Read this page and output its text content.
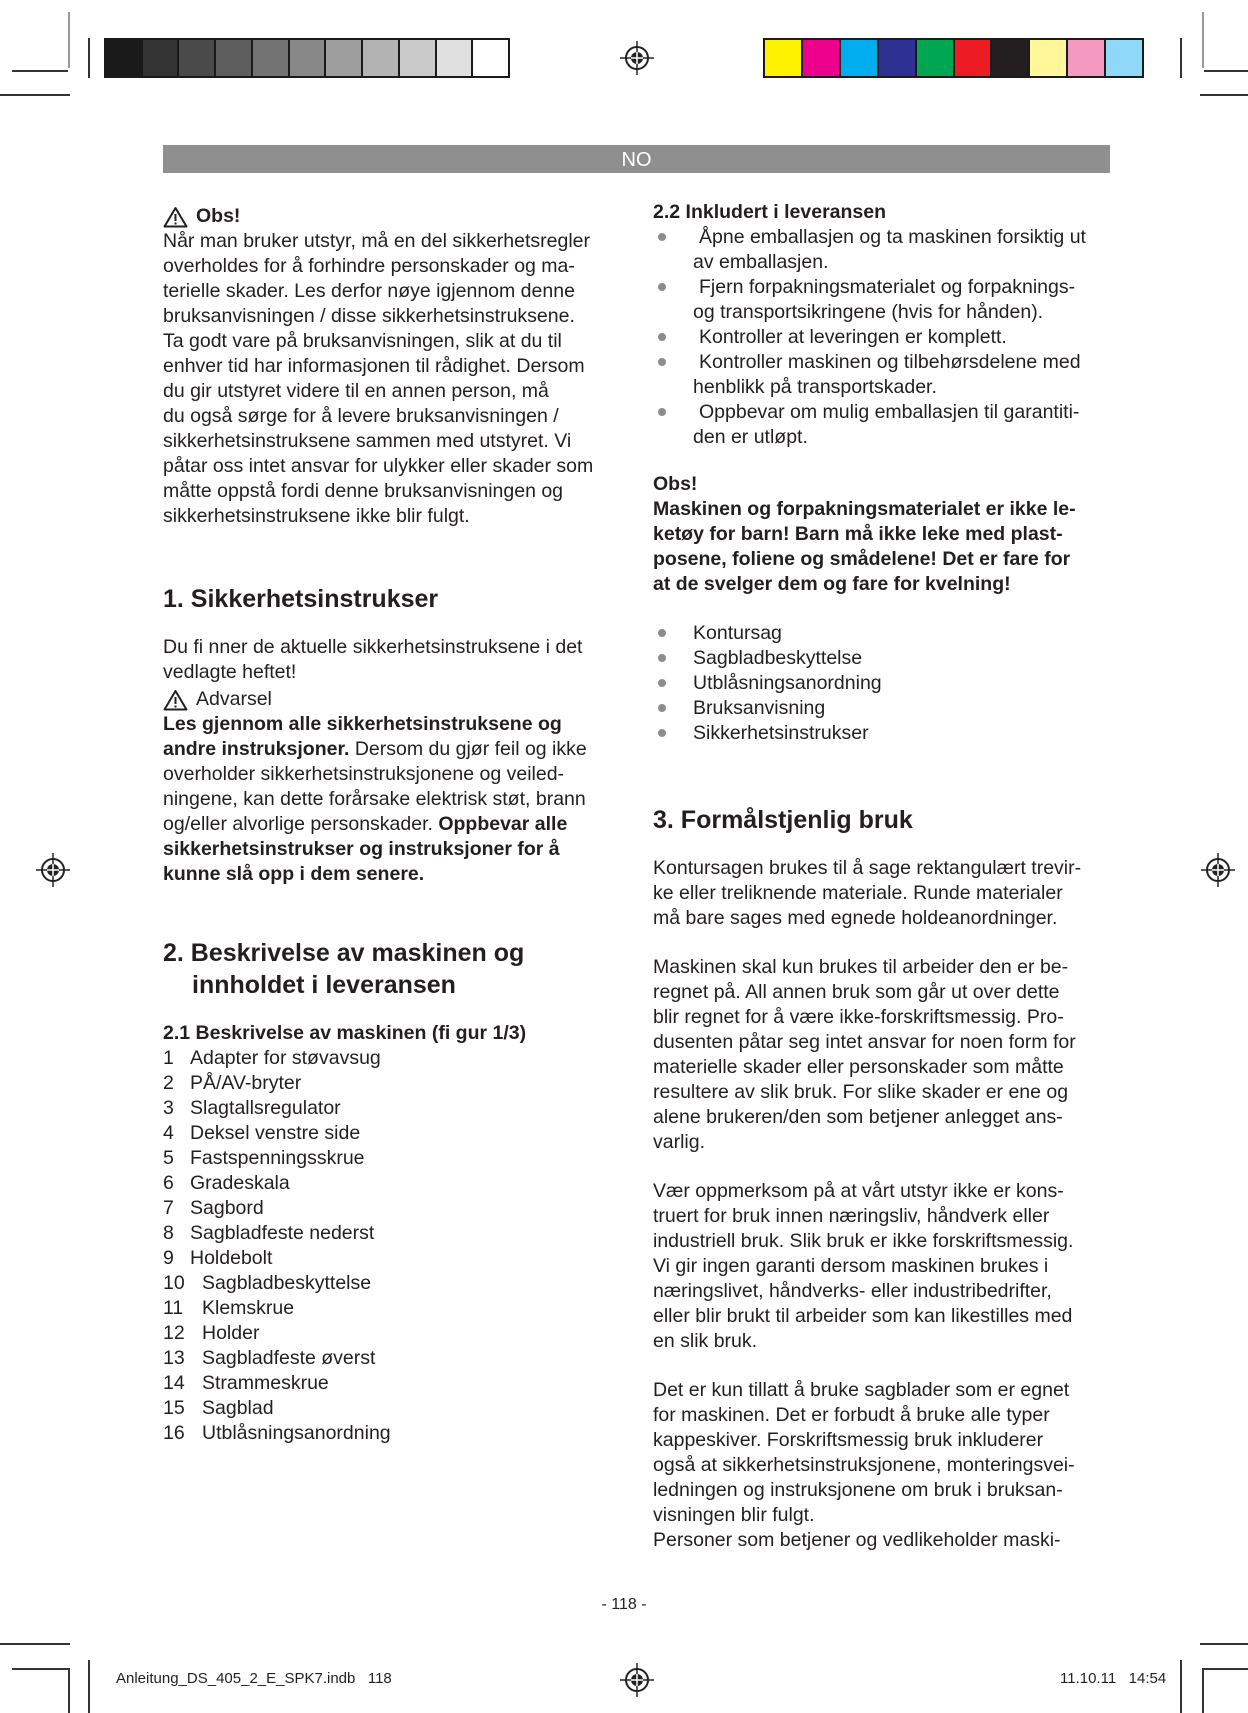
NO
Obs!

Når man bruker utstyr, må en del sikkerhetsregler

overholdes for å forhindre personskader og ma-

terielle skader. Les derfor nøye igjennom denne

bruksanvisningen / disse sikkerhetsinstruksene.

Ta godt vare på bruksanvisningen, slik at du til

enhver tid har informasjonen til rådighet. Dersom

du gir utstyret videre til en annen person, må

du også sørge for å levere bruksanvisningen /

sikkerhetsinstruksene sammen med utstyret. Vi

påtar oss intet ansvar for ulykker eller skader som

måtte oppstå fordi denne bruksanvisningen og

sikkerhetsinstruksene ikke blir fulgt.

1. Sikkerhetsinstrukser

Du fi nner de aktuelle sikkerhetsinstruksene i det

vedlagte heftet!

Advarsel

Les gjennom alle sikkerhetsinstruksene og

andre instruksjoner. Dersom du gjør feil og ikke

overholder sikkerhetsinstruksjonene og veiled-

ningene, kan dette forårsake elektrisk støt, brann

og/eller alvorlige personskader. Oppbevar alle

sikkerhetsinstrukser og instruksjoner for å

kunne slå opp i dem senere.

2. Beskrivelse av maskinen og

innholdet i leveransen

2.1 Beskrivelse av maskinen (fi gur 1/3)

1 Adapter for støvavsug
2 PÅ/AV-bryter
3 Slagtallsregulator
4 Deksel venstre side
5 Fastspenningsskrue
6 Gradeskala
7 Sagbord
8 Sagbladfeste nederst
9 Holdebolt
10 Sagbladbeskyttelse
11 Klemskrue
12 Holder
13 Sagbladfeste øverst
14 Strammeskrue
15 Sagblad
16 Utblåsningsanordning

2.2 Inkludert i leveransen

Åpne emballasjen og ta maskinen forsiktig ut

av emballasjen.

Fjern forpakningsmaterialet og forpaknings-

og transportsikringene (hvis for hånden).

Kontroller at leveringen er komplett.

Kontroller maskinen og tilbehørsdelene med

henblikk på transportskader.

Oppbevar om mulig emballasjen til garantiti-

den er utløpt.

Obs!

Maskinen og forpakningsmaterialet er ikke le-

ketøy for barn! Barn må ikke leke med plast-

posene, foliene og smådelene! Det er fare for

at de svelger dem og fare for kvelning!

Kontursag
Sagbladbeskyttelse
Utblåsningsanordning
Bruksanvisning
Sikkerhetsinstrukser

3. Formålstjenlig bruk

Kontursagen brukes til å sage rektangulært trevir-

ke eller treliknende materiale. Runde materialer

må bare sages med egnede holdeanordninger.

Maskinen skal kun brukes til arbeider den er be-

regnet på. All annen bruk som går ut over dette

blir regnet for å være ikke-forskriftsmessig. Pro-

dusenten påtar seg intet ansvar for noen form for

materielle skader eller personskader som måtte

resultere av slik bruk. For slike skader er ene og

alene brukeren/den som betjener anlegget ans-

varlig.

Vær oppmerksom på at vårt utstyr ikke er kons-

truert for bruk innen næringsliv, håndverk eller

industriell bruk. Slik bruk er ikke forskriftsmessig.

Vi gir ingen garanti dersom maskinen brukes i

næringslivet, håndverks- eller industribedrifter,

eller blir brukt til arbeider som kan likestilles med

en slik bruk.

Det er kun tillatt å bruke sagblader som er egnet

for maskinen. Det er forbudt å bruke alle typer

kappeskiver. Forskriftsmessig bruk inkluderer

også at sikkerhetsinstruksjonene, monteringsvei-

ledningen og instruksjonene om bruk i bruksan-

visningen blir fulgt.

Personer som betjener og vedlikeholder maski-

- 118 -
Anleitung_DS_405_2_E_SPK7.indb   118	11.10.11   14:54
